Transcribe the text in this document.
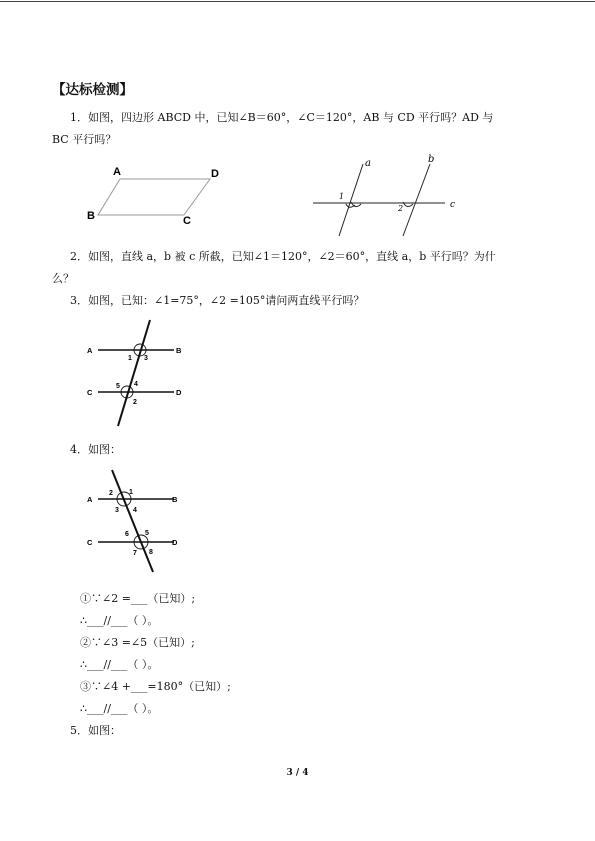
【达标检测】
1．如图，四边形 ABCD 中，已知∠B＝60°，∠C＝120°，AB 与 CD 平行吗？AD 与
BC 平行吗？
A	D
B	C
a	b
c
1
2
2．如图，直线 a，b 被 c 所截，已知∠1＝120°，∠2＝60°，直线 a，b 平行吗？为什
么？
3．如图，已知：∠1=75°，∠2 =105°请问两直线平行吗？
A	B
C	D
1 3
5 4
2
4．如图：
A	B
C	D
2 1
3 4
6 5
7 8
①∵∠2 =___（已知）;
∴___//___（ ）。
②∵∠3 =∠5（已知）;
∴___//___（ ）。
③∵∠4 +___=180°（已知）;
∴___//___（ ）。
5．如图：
3 / 4
